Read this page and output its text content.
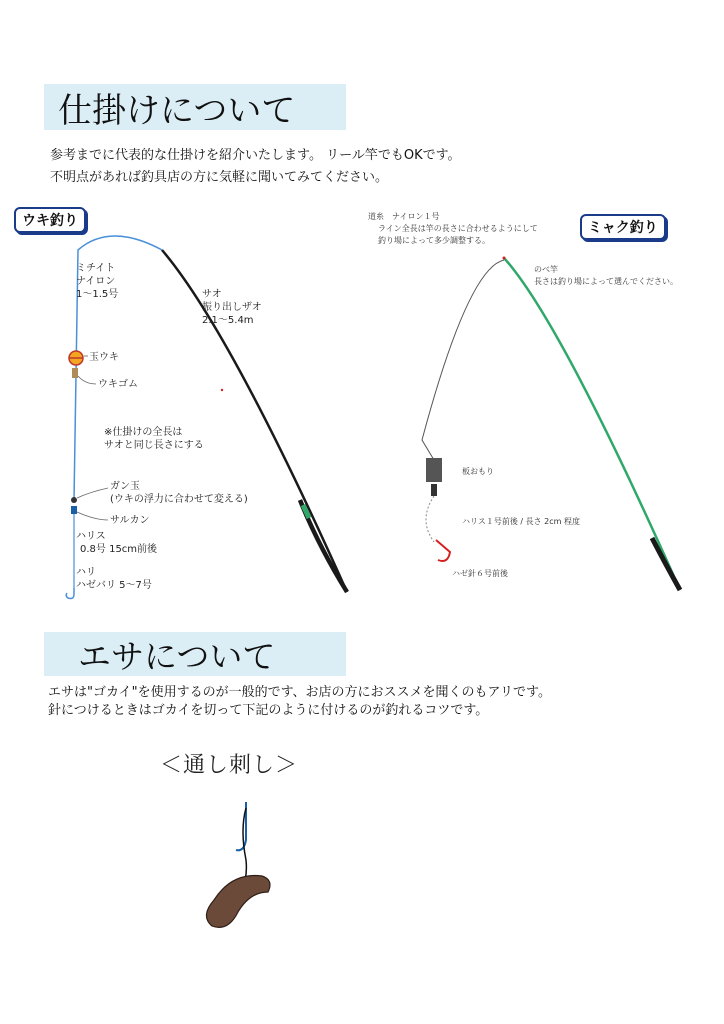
仕掛けについて
参考までに代表的な仕掛けを紹介いたします。 リール竿でもOKです。
不明点があれば釣具店の方に気軽に聞いてみてください。
ウキ釣り
ミチイト
ナイロン
1〜1.5号	サオ
振り出しザオ
2.1〜5.4m
玉ウキ
ウキゴム
※仕掛けの全長は
サオと同じ長さにする
ガン玉
(ウキの浮力に合わせて変える)
サルカン
ハリス
0.8号 15cm前後
ハリ
ハゼバリ 5〜7号
ミャク釣り
道糸　ナイロン１号
ライン全長は竿の長さに合わせるようにして
釣り場によって多少調整する。
のべ竿
長さは釣り場によって選んでください。
板おもり
ハリス１号前後 / 長さ 2cm 程度
ハゼ針６号前後
エサについて
エサは"ゴカイ"を使用するのが一般的です、お店の方におススメを聞くのもアリです。
針につけるときはゴカイを切って下記のように付けるのが釣れるコツです。
＜通し刺し＞
